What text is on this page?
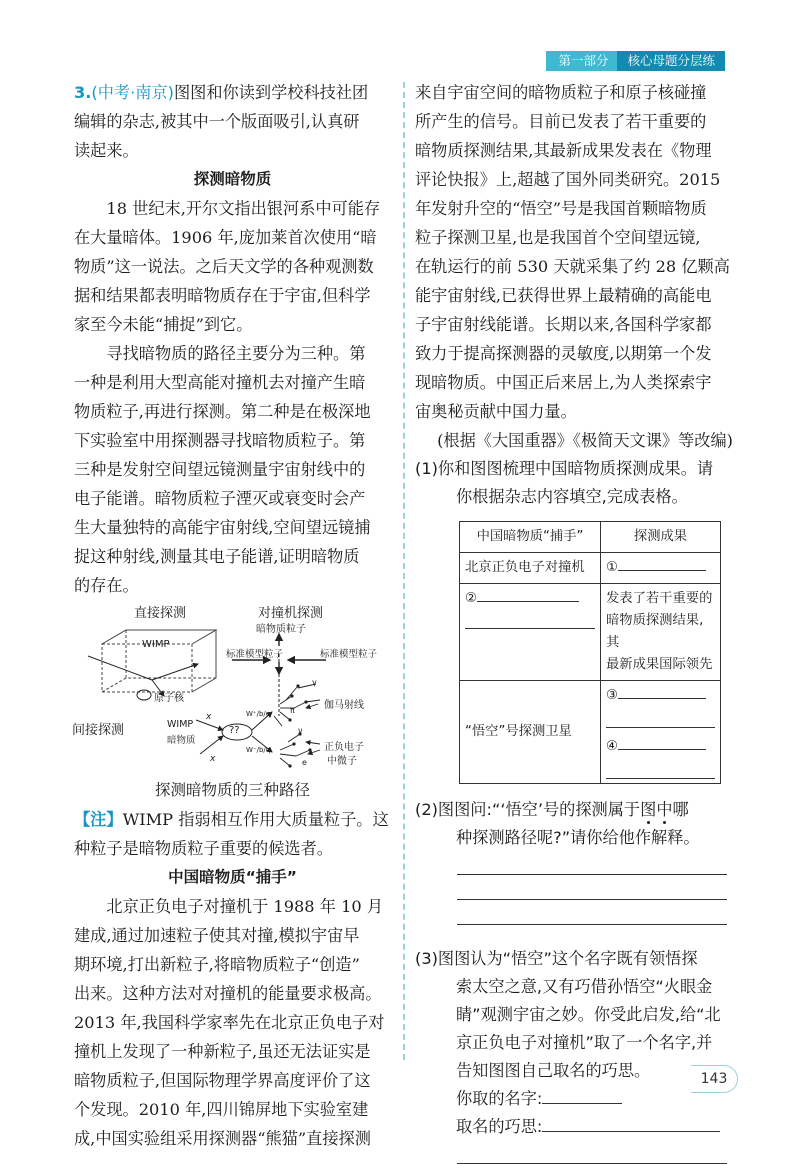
第一部分	核心母题分层练

3.(中考·南京)图图和你读到学校科技社团

编辑的杂志,被其中一个版面吸引,认真研

读起来。

探测暗物质

18 世纪末,开尔文指出银河系中可能存

在大量暗体。1906 年,庞加莱首次使用“暗

物质”这一说法。之后天文学的各种观测数

据和结果都表明暗物质存在于宇宙,但科学

家至今未能“捕捉”到它。

寻找暗物质的路径主要分为三种。第

一种是利用大型高能对撞机去对撞产生暗

物质粒子,再进行探测。第二种是在极深地

下实验室中用探测器寻找暗物质粒子。第

三种是发射空间望远镜测量宇宙射线中的

电子能谱。暗物质粒子湮灭或衰变时会产

生大量独特的高能宇宙射线,空间望远镜捕

捉这种射线,测量其电子能谱,证明暗物质

的存在。

直接探测	对撞机探测
暗物质粒子
WIMP
原子核
标准模型粒子	标准模型粒子
间接探测	WIMP
暗物质
??
伽马射线
正负电子
中微子
W⁺/b/q
W⁻/b/q
x
x
γ
π
ν
e

探测暗物质的三种路径

【注】WIMP 指弱相互作用大质量粒子。这

种粒子是暗物质粒子重要的候选者。

中国暗物质“捕手”

北京正负电子对撞机于 1988 年 10 月

建成,通过加速粒子使其对撞,模拟宇宙早

期环境,打出新粒子,将暗物质粒子“创造”

出来。这种方法对对撞机的能量要求极高。

2013 年,我国科学家率先在北京正负电子对

撞机上发现了一种新粒子,虽还无法证实是

暗物质粒子,但国际物理学界高度评价了这

个发现。2010 年,四川锦屏地下实验室建

成,中国实验组采用探测器“熊猫”直接探测

来自宇宙空间的暗物质粒子和原子核碰撞

所产生的信号。目前已发表了若干重要的

暗物质探测结果,其最新成果发表在《物理

评论快报》上,超越了国外同类研究。2015

年发射升空的“悟空”号是我国首颗暗物质

粒子探测卫星,也是我国首个空间望远镜,

在轨运行的前 530 天就采集了约 28 亿颗高

能宇宙射线,已获得世界上最精确的高能电

子宇宙射线能谱。长期以来,各国科学家都

致力于提高探测器的灵敏度,以期第一个发

现暗物质。中国正后来居上,为人类探索宇

宙奥秘贡献中国力量。

(根据《大国重器》《极简天文课》等改编)

(1)你和图图梳理中国暗物质探测成果。请

你根据杂志内容填空,完成表格。

中国暗物质“捕手”	探测成果
北京正负电子对撞机	①

②	发表了若干重要的
暗物质探测结果,其
最新成果国际领先

“悟空”号探测卫星	③
④

(2)图图问:“‘悟空’号的探测属于图中哪

种探测路径呢?”请你给他作解释。

(3)图图认为“悟空”这个名字既有领悟探

索太空之意,又有巧借孙悟空“火眼金

睛”观测宇宙之妙。你受此启发,给“北

京正负电子对撞机”取了一个名字,并

告知图图自己取名的巧思。

你取的名字:

取名的巧思:

143
